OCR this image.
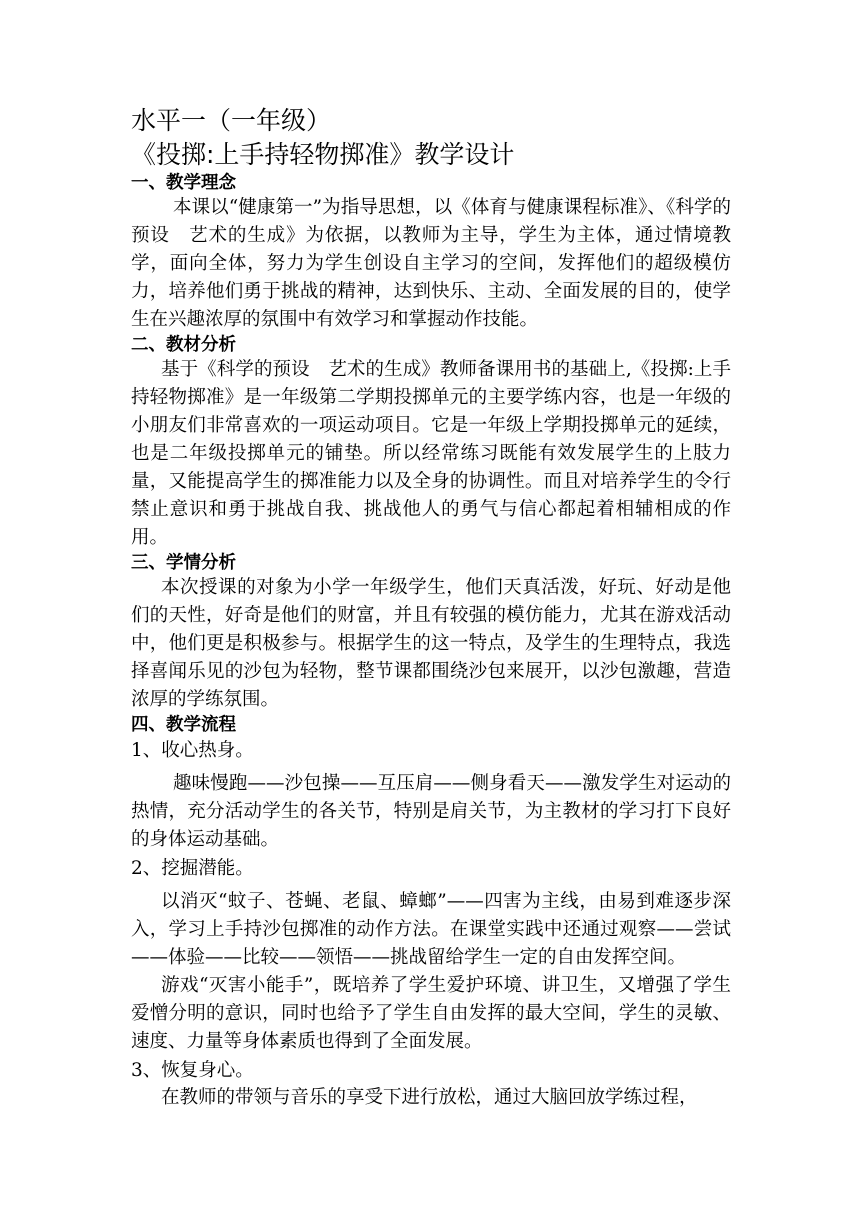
水平一（一年级）
《投掷:上手持轻物掷准》教学设计
一、教学理念

本课以“健康第一”为指导思想，以《体育与健康课程标准》、《科学的预设　艺术的生成》为依据，以教师为主导，学生为主体，通过情境教学，面向全体，努力为学生创设自主学习的空间，发挥他们的超级模仿力，培养他们勇于挑战的精神，达到快乐、主动、全面发展的目的，使学生在兴趣浓厚的氛围中有效学习和掌握动作技能。

二、教材分析

基于《科学的预设　艺术的生成》教师备课用书的基础上,《投掷:上手持轻物掷准》是一年级第二学期投掷单元的主要学练内容，也是一年级的小朋友们非常喜欢的一项运动项目。它是一年级上学期投掷单元的延续，也是二年级投掷单元的铺垫。所以经常练习既能有效发展学生的上肢力量，又能提高学生的掷准能力以及全身的协调性。而且对培养学生的令行禁止意识和勇于挑战自我、挑战他人的勇气与信心都起着相辅相成的作用。

三、学情分析

本次授课的对象为小学一年级学生，他们天真活泼，好玩、好动是他们的天性，好奇是他们的财富，并且有较强的模仿能力，尤其在游戏活动中，他们更是积极参与。根据学生的这一特点，及学生的生理特点，我选择喜闻乐见的沙包为轻物，整节课都围绕沙包来展开，以沙包激趣，营造浓厚的学练氛围。

四、教学流程
1、收心热身。

趣味慢跑——沙包操——互压肩——侧身看天——激发学生对运动的热情，充分活动学生的各关节，特别是肩关节，为主教材的学习打下良好的身体运动基础。

2、挖掘潜能。

以消灭“蚊子、苍蝇、老鼠、蟑螂”——四害为主线，由易到难逐步深入，学习上手持沙包掷准的动作方法。在课堂实践中还通过观察——尝试——体验——比较——领悟——挑战留给学生一定的自由发挥空间。

游戏“灭害小能手”，既培养了学生爱护环境、讲卫生，又增强了学生爱憎分明的意识，同时也给予了学生自由发挥的最大空间，学生的灵敏、速度、力量等身体素质也得到了全面发展。

3、恢复身心。

在教师的带领与音乐的享受下进行放松，通过大脑回放学练过程，
